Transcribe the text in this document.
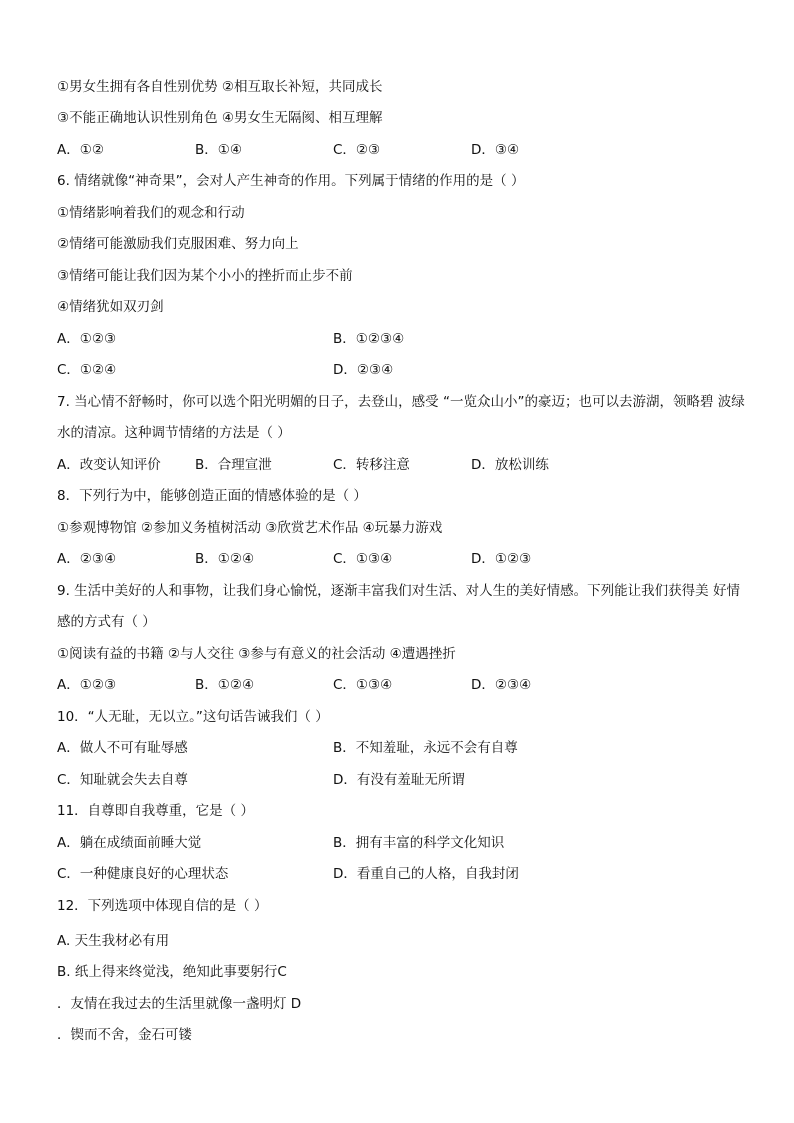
①男女生拥有各自性别优势 ②相互取长补短，共同成长
③不能正确地认识性别角色 ④男女生无隔阂、相互理解
A．①②	B．①④	C．②③	D．③④
6. 情绪就像“神奇果”，会对人产生神奇的作用。下列属于情绪的作用的是（ ）
①情绪影响着我们的观念和行动
②情绪可能激励我们克服困难、努力向上
③情绪可能让我们因为某个小小的挫折而止步不前
④情绪犹如双刃剑
A．①②③	B．①②③④
C．①②④	D．②③④
7. 当心情不舒畅时，你可以选个阳光明媚的日子，去登山，感受 “一览众山小”的豪迈；也可以去游湖，领略碧 波绿
水的清凉。这种调节情绪的方法是（ ）
A．改变认知评价	B．合理宣泄	C．转移注意	D．放松训练
8．下列行为中，能够创造正面的情感体验的是（ ）
①参观博物馆 ②参加义务植树活动 ③欣赏艺术作品 ④玩暴力游戏
A．②③④	B．①②④	C．①③④	D．①②③
9. 生活中美好的人和事物，让我们身心愉悦，逐渐丰富我们对生活、对人生的美好情感。下列能让我们获得美 好情
感的方式有（ ）
①阅读有益的书籍 ②与人交往 ③参与有意义的社会活动 ④遭遇挫折
A．①②③	B．①②④	C．①③④	D．②③④
10．“人无耻，无以立。”这句话告诫我们（ ）
A．做人不可有耻辱感	B．不知羞耻，永远不会有自尊
C．知耻就会失去自尊	D．有没有羞耻无所谓
11．自尊即自我尊重，它是（ ）
A．躺在成绩面前睡大觉	B．拥有丰富的科学文化知识
C．一种健康良好的心理状态	D．看重自己的人格，自我封闭
12．下列选项中体现自信的是（ ）
A. 天生我材必有用
B. 纸上得来终觉浅，绝知此事要躬行C
．友情在我过去的生活里就像一盏明灯 D
．锲而不舍，金石可镂
